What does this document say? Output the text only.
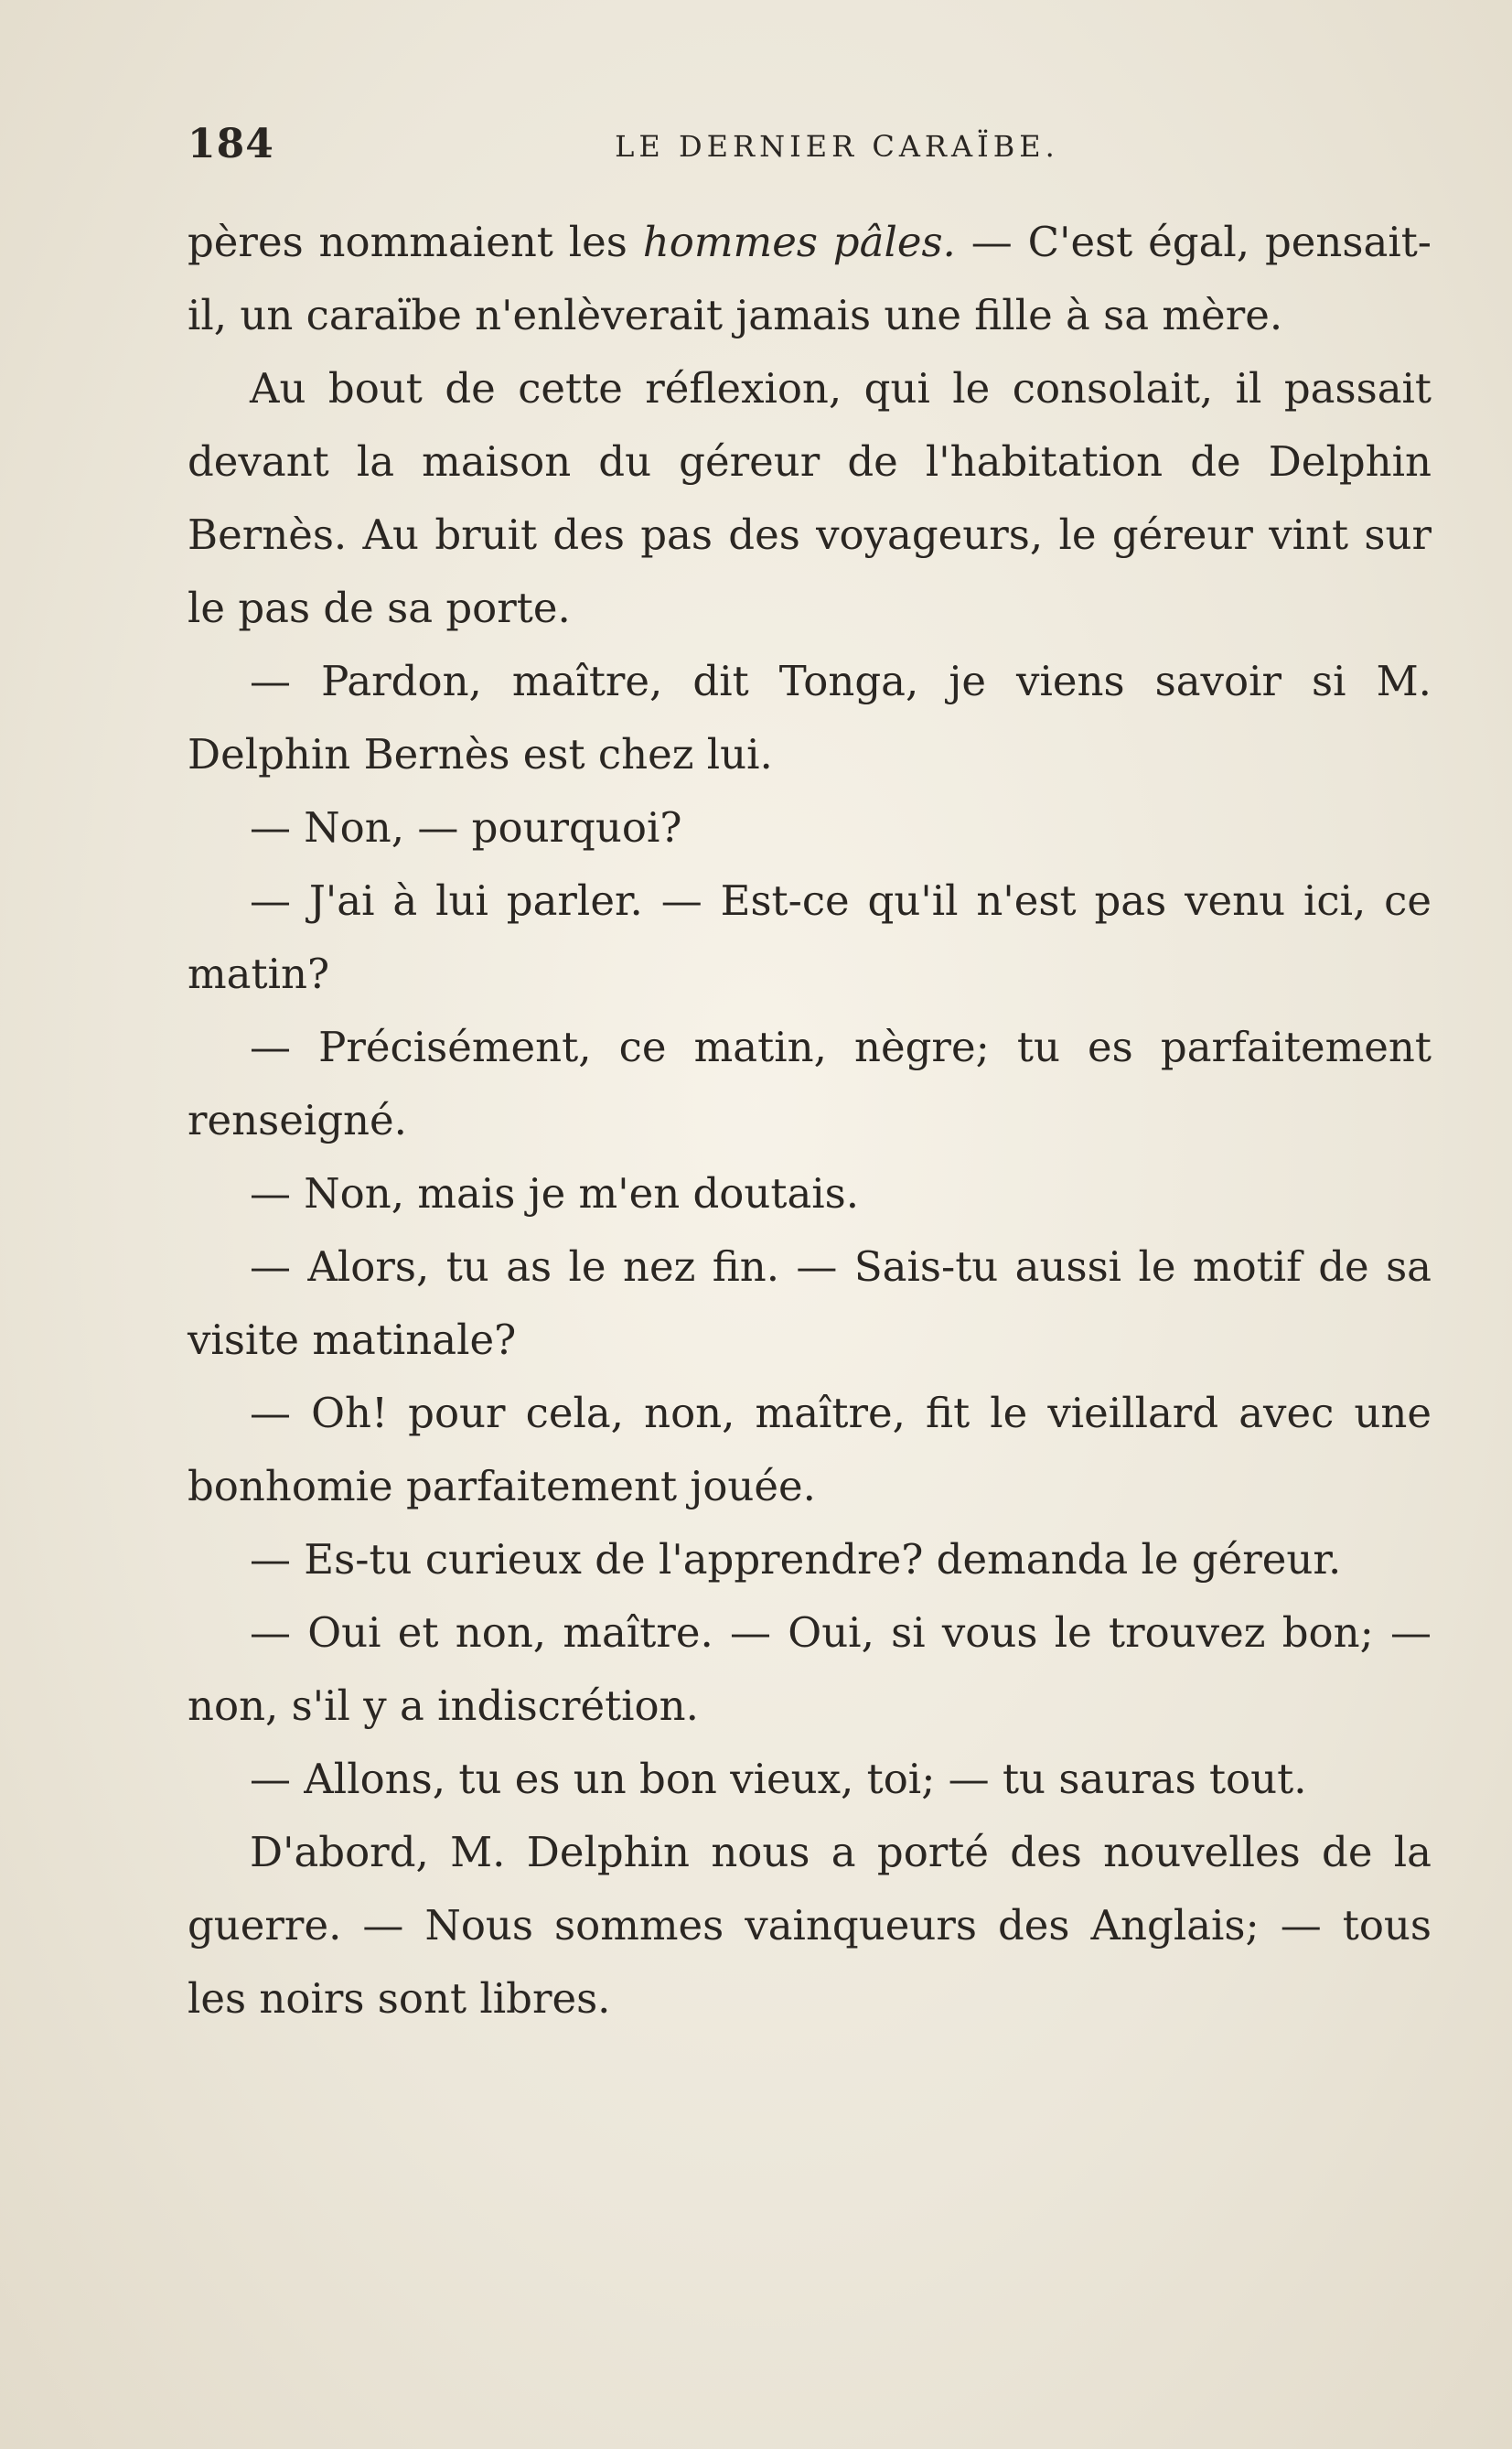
184	LE DERNIER CARAÏBE.

pères nommaient les hommes pâles. — C'est égal, pensait-il, un caraïbe n'enlèverait jamais une fille à sa mère.

Au bout de cette réflexion, qui le consolait, il passait devant la maison du géreur de l'habitation de Delphin Bernès. Au bruit des pas des voyageurs, le géreur vint sur le pas de sa porte.

— Pardon, maître, dit Tonga, je viens savoir si M. Delphin Bernès est chez lui.

— Non, — pourquoi?

— J'ai à lui parler. — Est-ce qu'il n'est pas venu ici, ce matin?

— Précisément, ce matin, nègre; tu es parfaitement renseigné.

— Non, mais je m'en doutais.

— Alors, tu as le nez fin. — Sais-tu aussi le motif de sa visite matinale?

— Oh! pour cela, non, maître, fit le vieillard avec une bonhomie parfaitement jouée.

— Es-tu curieux de l'apprendre? demanda le géreur.

— Oui et non, maître. — Oui, si vous le trouvez bon; — non, s'il y a indiscrétion.

— Allons, tu es un bon vieux, toi; — tu sauras tout.

D'abord, M. Delphin nous a porté des nouvelles de la guerre. — Nous sommes vainqueurs des Anglais; — tous les noirs sont libres.
